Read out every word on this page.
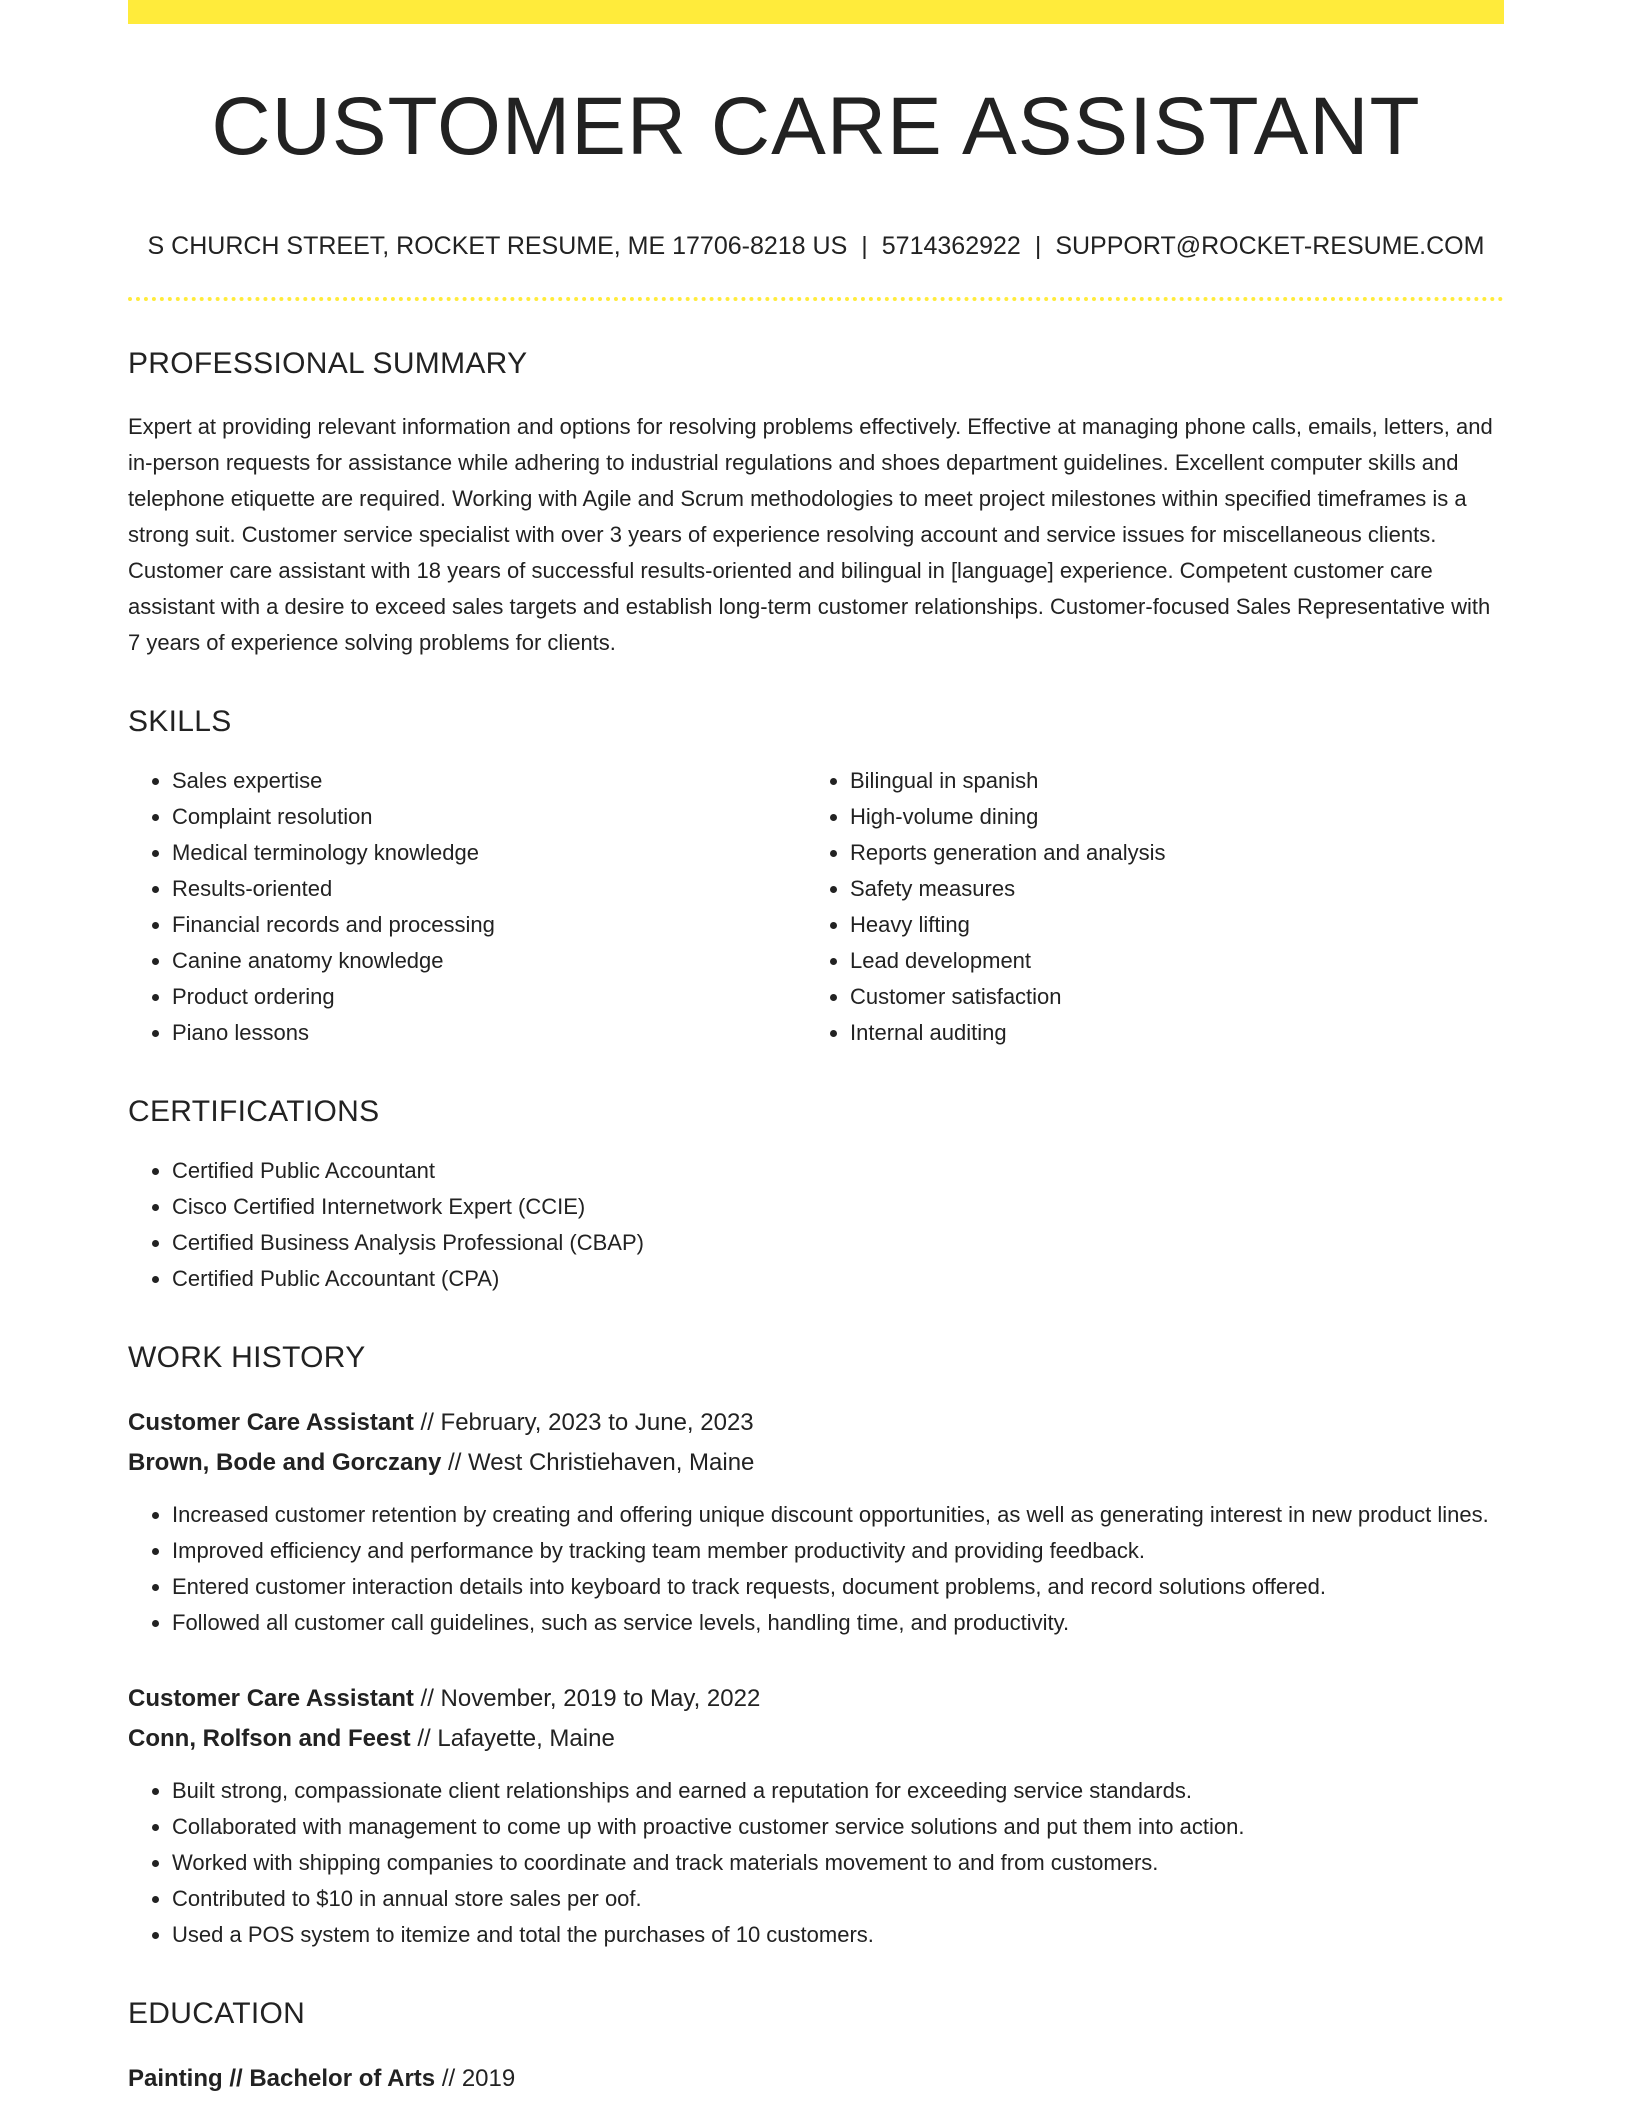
CUSTOMER CARE ASSISTANT
S CHURCH STREET, ROCKET RESUME, ME 17706-8218 US | 5714362922 | SUPPORT@ROCKET-RESUME.COM
PROFESSIONAL SUMMARY
Expert at providing relevant information and options for resolving problems effectively. Effective at managing phone calls, emails, letters, and in-person requests for assistance while adhering to industrial regulations and shoes department guidelines. Excellent computer skills and telephone etiquette are required. Working with Agile and Scrum methodologies to meet project milestones within specified timeframes is a strong suit. Customer service specialist with over 3 years of experience resolving account and service issues for miscellaneous clients. Customer care assistant with 18 years of successful results-oriented and bilingual in [language] experience. Competent customer care assistant with a desire to exceed sales targets and establish long-term customer relationships. Customer-focused Sales Representative with 7 years of experience solving problems for clients.
SKILLS
• Sales expertise
• Complaint resolution
• Medical terminology knowledge
• Results-oriented
• Financial records and processing
• Canine anatomy knowledge
• Product ordering
• Piano lessons
• Bilingual in spanish
• High-volume dining
• Reports generation and analysis
• Safety measures
• Heavy lifting
• Lead development
• Customer satisfaction
• Internal auditing
CERTIFICATIONS
• Certified Public Accountant
• Cisco Certified Internetwork Expert (CCIE)
• Certified Business Analysis Professional (CBAP)
• Certified Public Accountant (CPA)
WORK HISTORY
Customer Care Assistant // February, 2023 to June, 2023
Brown, Bode and Gorczany // West Christiehaven, Maine
• Increased customer retention by creating and offering unique discount opportunities, as well as generating interest in new product lines.
• Improved efficiency and performance by tracking team member productivity and providing feedback.
• Entered customer interaction details into keyboard to track requests, document problems, and record solutions offered.
• Followed all customer call guidelines, such as service levels, handling time, and productivity.
Customer Care Assistant // November, 2019 to May, 2022
Conn, Rolfson and Feest // Lafayette, Maine
• Built strong, compassionate client relationships and earned a reputation for exceeding service standards.
• Collaborated with management to come up with proactive customer service solutions and put them into action.
• Worked with shipping companies to coordinate and track materials movement to and from customers.
• Contributed to $10 in annual store sales per oof.
• Used a POS system to itemize and total the purchases of 10 customers.
EDUCATION
Painting // Bachelor of Arts // 2019
